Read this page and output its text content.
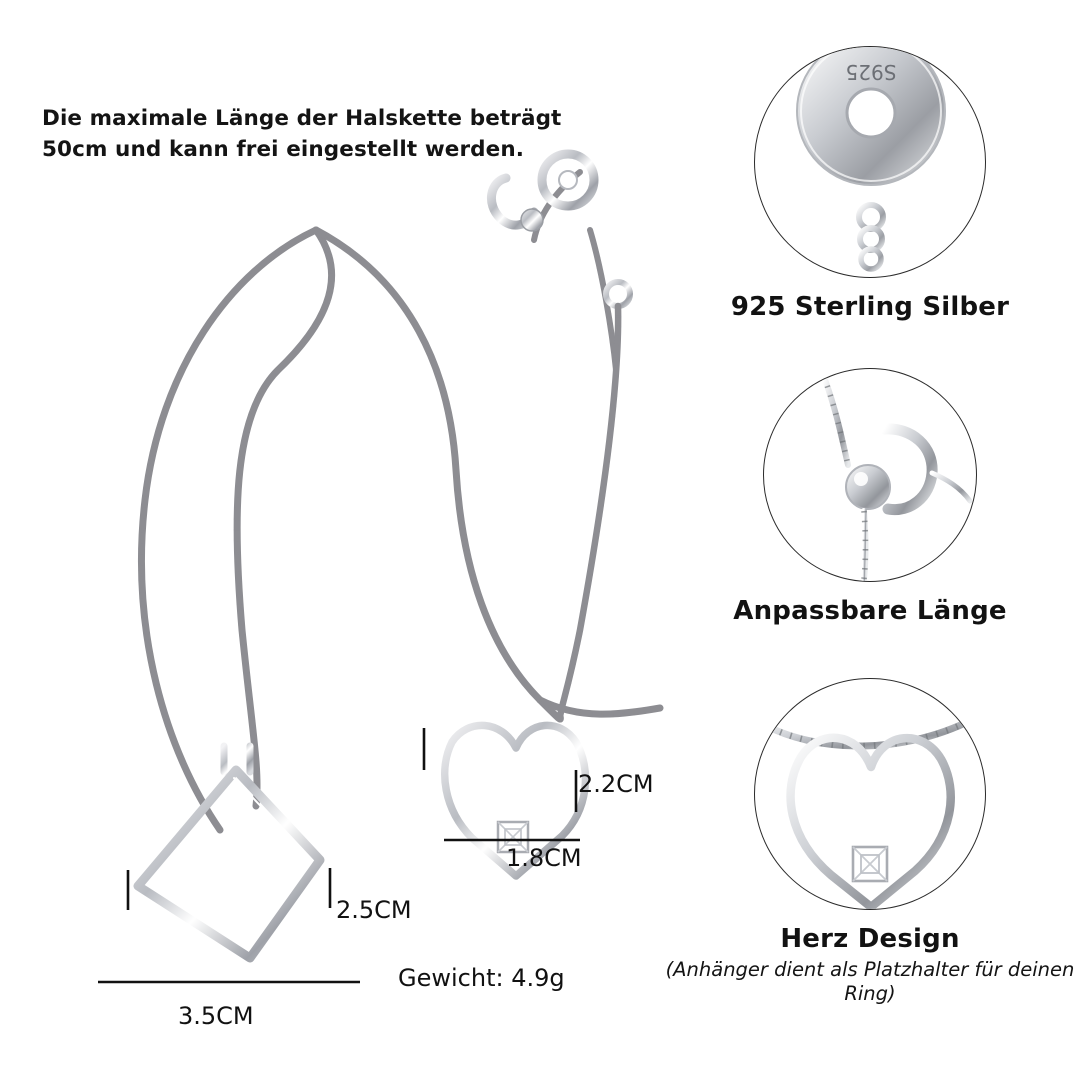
Die maximale Länge der Halskette beträgt 50cm und kann frei eingestellt werden.
2.2CM
1.8CM
2.5CM
3.5CM
Gewicht: 4.9g
S925
925 Sterling Silber
Anpassbare Länge
Herz Design
(Anhänger dient als Platzhalter für deinen Ring)
